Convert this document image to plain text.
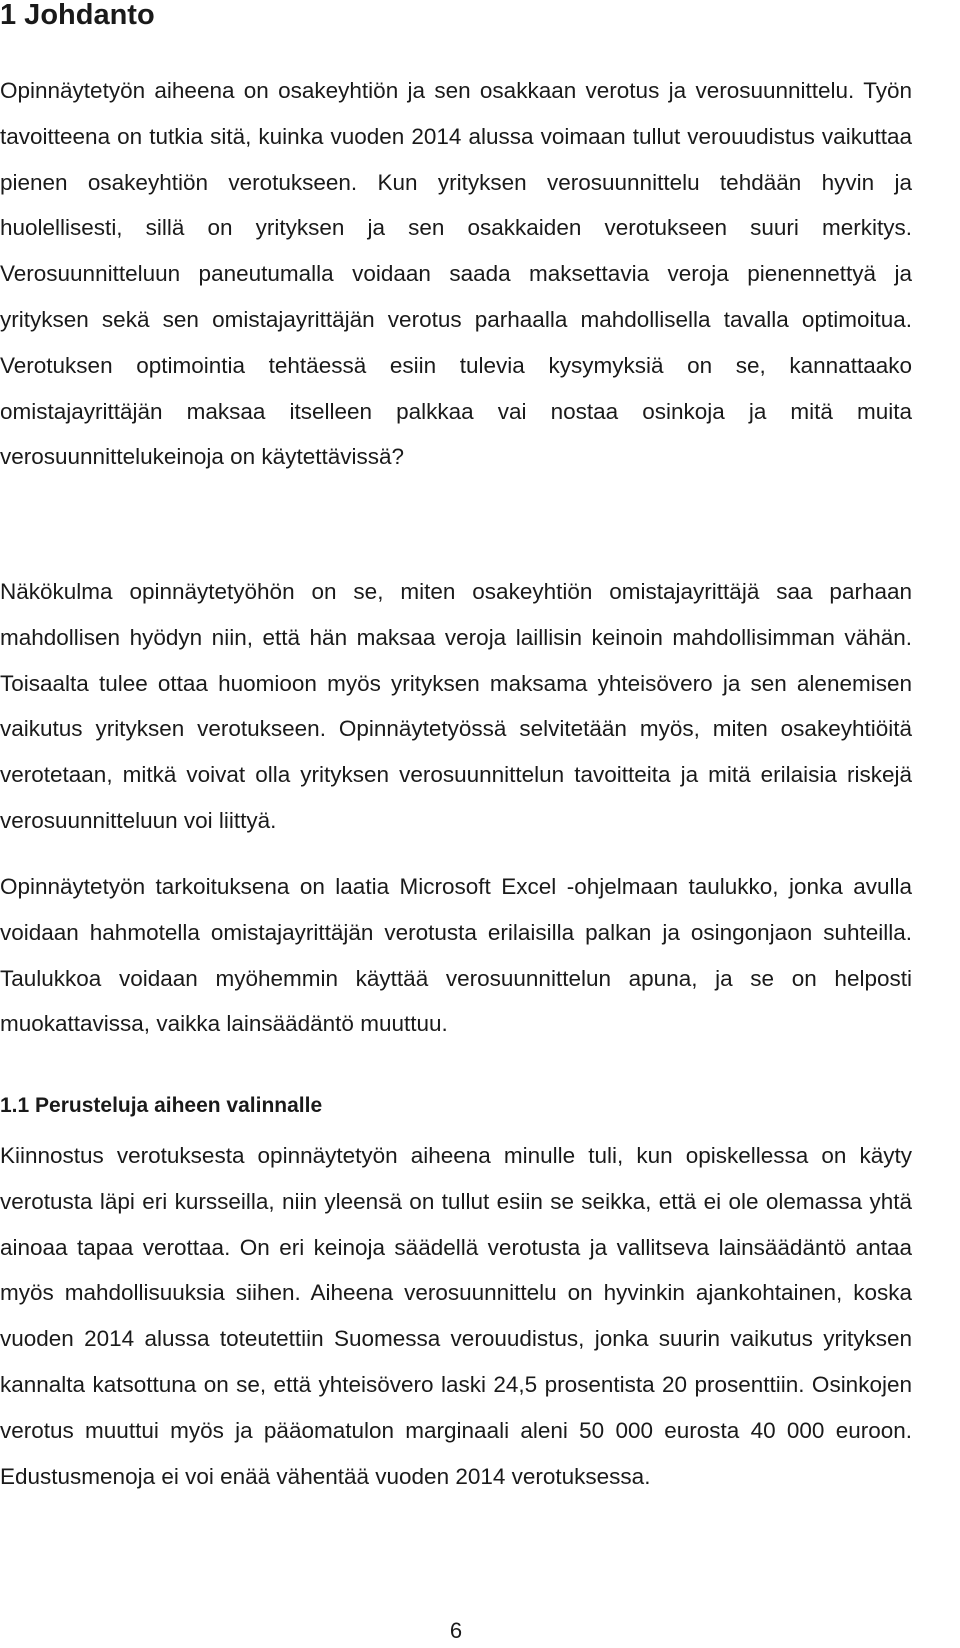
1 Johdanto

Opinnäytetyön aiheena on osakeyhtiön ja sen osakkaan verotus ja verosuunnittelu. Työn tavoitteena on tutkia sitä, kuinka vuoden 2014 alussa voimaan tullut verouudistus vaikuttaa pienen osakeyhtiön verotukseen. Kun yrityksen verosuunnittelu tehdään hyvin ja huolellisesti, sillä on yrityksen ja sen osakkaiden verotukseen suuri merkitys. Verosuunnitteluun paneutumalla voidaan saada maksettavia veroja pienennettyä ja yrityksen sekä sen omistajayrittäjän verotus parhaalla mahdollisella tavalla optimoitua. Verotuksen optimointia tehtäessä esiin tulevia kysymyksiä on se, kannattaako omistajayrittäjän maksaa itselleen palkkaa vai nostaa osinkoja ja mitä muita verosuunnittelukeinoja on käytettävissä?

Näkökulma opinnäytetyöhön on se, miten osakeyhtiön omistajayrittäjä saa parhaan mahdollisen hyödyn niin, että hän maksaa veroja laillisin keinoin mahdollisimman vähän. Toisaalta tulee ottaa huomioon myös yrityksen maksama yhteisövero ja sen alenemisen vaikutus yrityksen verotukseen. Opinnäytetyössä selvitetään myös, miten osakeyhtiöitä verotetaan, mitkä voivat olla yrityksen verosuunnittelun tavoitteita ja mitä erilaisia riskejä verosuunnitteluun voi liittyä.

Opinnäytetyön tarkoituksena on laatia Microsoft Excel -ohjelmaan taulukko, jonka avulla voidaan hahmotella omistajayrittäjän verotusta erilaisilla palkan ja osingonjaon suhteilla. Taulukkoa voidaan myöhemmin käyttää verosuunnittelun apuna, ja se on helposti muokattavissa, vaikka lainsäädäntö muuttuu.

1.1 Perusteluja aiheen valinnalle

Kiinnostus verotuksesta opinnäytetyön aiheena minulle tuli, kun opiskellessa on käyty verotusta läpi eri kursseilla, niin yleensä on tullut esiin se seikka, että ei ole olemassa yhtä ainoaa tapaa verottaa. On eri keinoja säädellä verotusta ja vallitseva lainsäädäntö antaa myös mahdollisuuksia siihen. Aiheena verosuunnittelu on hyvinkin ajankohtainen, koska vuoden 2014 alussa toteutettiin Suomessa verouudistus, jonka suurin vaikutus yrityksen kannalta katsottuna on se, että yhteisövero laski 24,5 prosentista 20 prosenttiin. Osinkojen verotus muuttui myös ja pääomatulon marginaali aleni 50 000 eurosta 40 000 euroon. Edustusmenoja ei voi enää vähentää vuoden 2014 verotuksessa.

6
